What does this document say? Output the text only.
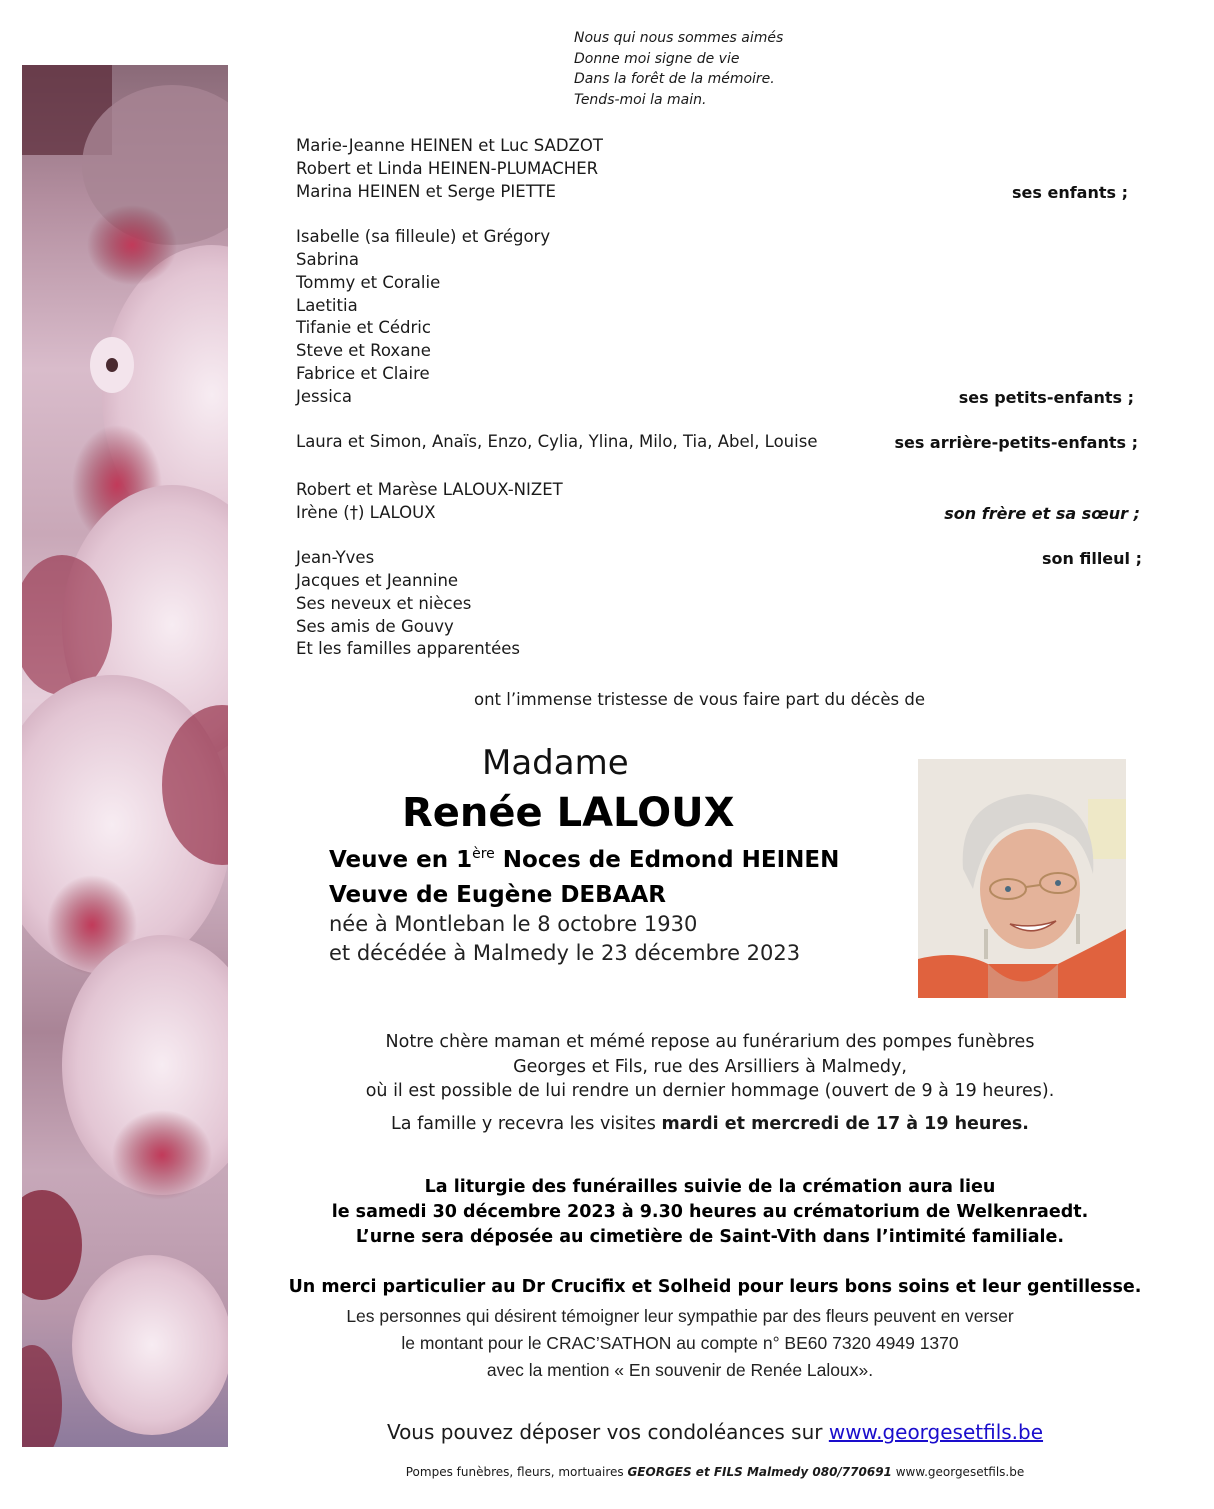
Nous qui nous sommes aimés
Donne moi signe de vie
Dans la forêt de la mémoire.
Tends-moi la main.
Marie-Jeanne HEINEN et Luc SADZOT
Robert et Linda HEINEN-PLUMACHER
Marina HEINEN et Serge PIETTE	ses enfants ;
Isabelle (sa filleule) et Grégory
Sabrina
Tommy et Coralie
Laetitia
Tifanie et Cédric
Steve et Roxane
Fabrice et Claire
Jessica	ses petits-enfants ;
Laura et Simon, Anaïs, Enzo, Cylia, Ylina, Milo, Tia, Abel, Louise	ses arrière-petits-enfants ;
Robert et Marèse LALOUX-NIZET
Irène (†) LALOUX	son frère et sa sœur ;
Jean-Yves	son filleul ;
Jacques et Jeannine
Ses neveux et nièces
Ses amis de Gouvy
Et les familles apparentées
ont l’immense tristesse de vous faire part du décès de
Madame
Renée LALOUX
Veuve en 1ère Noces de Edmond HEINEN
Veuve de Eugène DEBAAR
née à Montleban le 8 octobre 1930
et décédée à Malmedy le 23 décembre 2023
Notre chère maman et mémé repose au funérarium des pompes funèbres
Georges et Fils, rue des Arsilliers à Malmedy,
où il est possible de lui rendre un dernier hommage (ouvert de 9 à 19 heures).
La famille y recevra les visites mardi et mercredi de 17 à 19 heures.
La liturgie des funérailles suivie de la crémation aura lieu
le samedi 30 décembre 2023 à 9.30 heures au crématorium de Welkenraedt.
L’urne sera déposée au cimetière de Saint-Vith dans l’intimité familiale.
Un merci particulier au Dr Crucifix et Solheid pour leurs bons soins et leur gentillesse.
Les personnes qui désirent témoigner leur sympathie par des fleurs peuvent en verser
le montant pour le CRAC’SATHON au compte n° BE60 7320 4949 1370
avec la mention « En souvenir de Renée Laloux».
Vous pouvez déposer vos condoléances sur www.georgesetfils.be
Pompes funèbres, fleurs, mortuaires GEORGES et FILS Malmedy 080/770691 www.georgesetfils.be
